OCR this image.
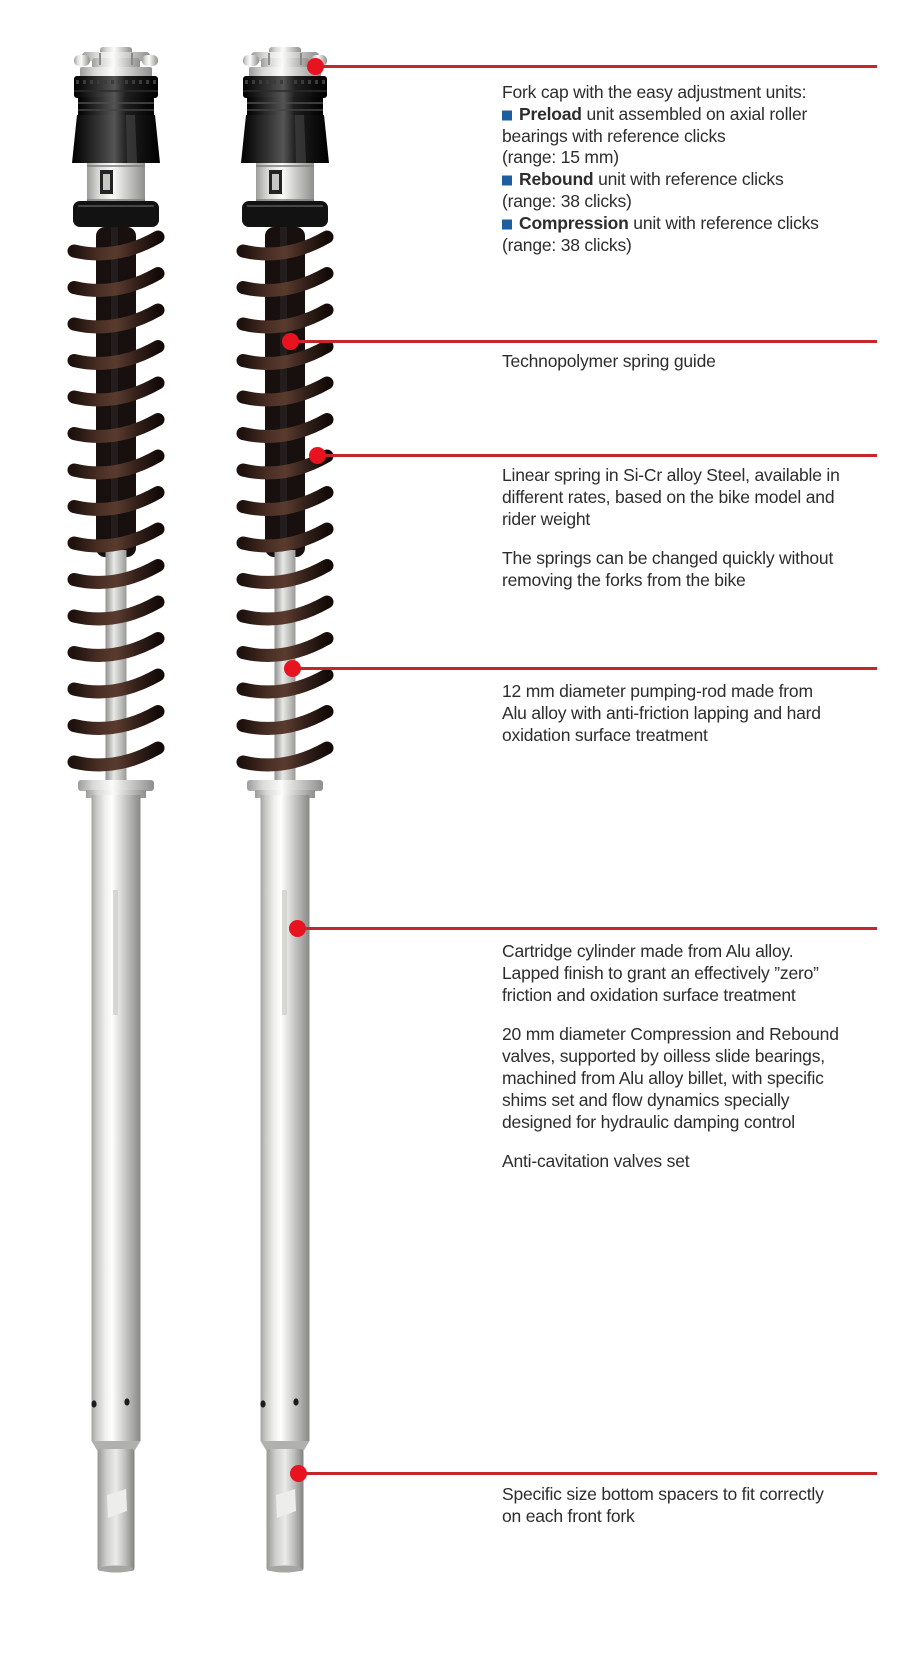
Fork cap with the easy adjustment units:
Preload unit assembled on axial roller
bearings with reference clicks
(range: 15 mm)
Rebound unit with reference clicks
(range: 38 clicks)
Compression unit with reference clicks
(range: 38 clicks)

Technopolymer spring guide

Linear spring in Si-Cr alloy Steel, available in
different rates, based on the bike model and
rider weight

The springs can be changed quickly without
removing the forks from the bike

12 mm diameter pumping-rod made from
Alu alloy with anti-friction lapping and hard
oxidation surface treatment

Cartridge cylinder made from Alu alloy.
Lapped finish to grant an effectively ”zero”
friction and oxidation surface treatment

20 mm diameter Compression and Rebound
valves, supported by oilless slide bearings,
machined from Alu alloy billet, with specific
shims set and flow dynamics specially
designed for hydraulic damping control

Anti-cavitation valves set

Specific size bottom spacers to fit correctly
on each front fork
